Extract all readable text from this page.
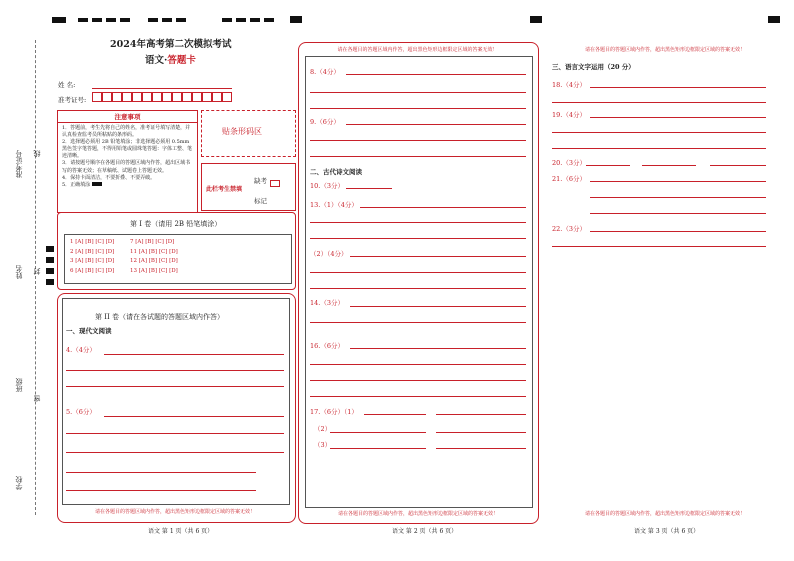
准考证号 线
姓名 封
班级
密
学校
2024年高考第二次模拟考试
语文·答题卡
姓 名:
准考证号:
注意事项
1．答题前，考生先将自己的姓名，准考证号填写清楚，并认真检查监考员所粘贴的条形码。
2．选择题必须用 2B 铅笔填涂；非选择题必须用 0.5mm 黑色签字笔答题，不得用铅笔或圆珠笔答题：字体工整、笔迹清晰。
3．请按题号顺序在各题目的答题区域内作答，超出区域书写的答案无效；在草稿纸、试题卷上答题无效。
4．保持卡面清洁，不要折叠、不要弄破。
5．正确填涂
贴条形码区
此栏考生禁填
缺考
标记
第 I 卷（请用 2B 铅笔填涂）
1 [A] [B] [C] [D]	7 [A] [B] [C] [D]
2 [A] [B] [C] [D]	11 [A] [B] [C] [D]
3 [A] [B] [C] [D]	12 [A] [B] [C] [D]
6 [A] [B] [C] [D]	13 [A] [B] [C] [D]
第 II 卷（请在各试题的答题区域内作答）
一、现代文阅读
4.（4分）
5.（6分）
请在各题目的答题区域内作答，超出黑色矩形边框限定区域的答案无效！
语文 第 1 页（共 6 页）
请在各题目的答题区域内作答，超出黑色矩形边框限定区域的答案无效！
8.（4分）
9.（6分）
二、古代诗文阅读
10.（3分）
13.（1）（4分）
（2）（4分）
14.（3分）
16.（6分）
17.（6分）（1）
（2）
（3）
请在各题目的答题区域内作答，超出黑色矩形边框限定区域的答案无效！
语文 第 2 页（共 6 页）
请在各题目的答题区域内作答，超出黑色矩形边框限定区域的答案无效！
三、语言文字运用（20 分）
18.（4分）
19.（4分）
20.（3分）
21.（6分）
22.（3分）
请在各题目的答题区域内作答，超出黑色矩形边框限定区域的答案无效！
语文 第 3 页（共 6 页）
